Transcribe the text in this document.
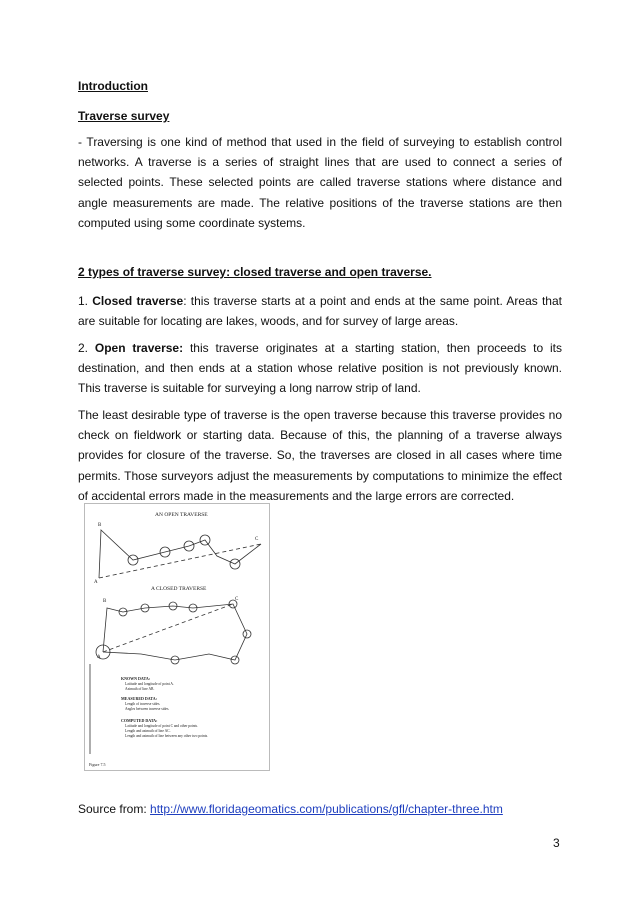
Introduction
Traverse survey
- Traversing is one kind of method that used in the field of surveying to establish control networks. A traverse is a series of straight lines that are used to connect a series of selected points. These selected points are called traverse stations where distance and angle measurements are made. The relative positions of the traverse stations are then computed using some coordinate systems.
2 types of traverse survey: closed traverse and open traverse.
1. Closed traverse: this traverse starts at a point and ends at the same point. Areas that are suitable for locating are lakes, woods, and for survey of large areas.
2. Open traverse: this traverse originates at a starting station, then proceeds to its destination, and then ends at a station whose relative position is not previously known. This traverse is suitable for surveying a long narrow strip of land.
The least desirable type of traverse is the open traverse because this traverse provides no check on fieldwork or starting data. Because of this, the planning of a traverse always provides for closure of the traverse. So, the traverses are closed in all cases where time permits. Those surveyors adjust the measurements by computations to minimize the effect of accidental errors made in the measurements and the large errors are corrected.
AN OPEN TRAVERSE
A CLOSED TRAVERSE
A
B
C
A
B	C
KNOWN DATA:
Latitude and longitude of point A.
Azimuth of line AB.
MEASURED DATA:
Length of traverse sides.
Angles between traverse sides.
COMPUTED DATA:
Latitude and longitude of point C and other points.
Length and azimuth of line AC.
Length and azimuth of line between any other two points.
Figure 7.5
Source from: http://www.floridageomatics.com/publications/gfl/chapter-three.htm
3
